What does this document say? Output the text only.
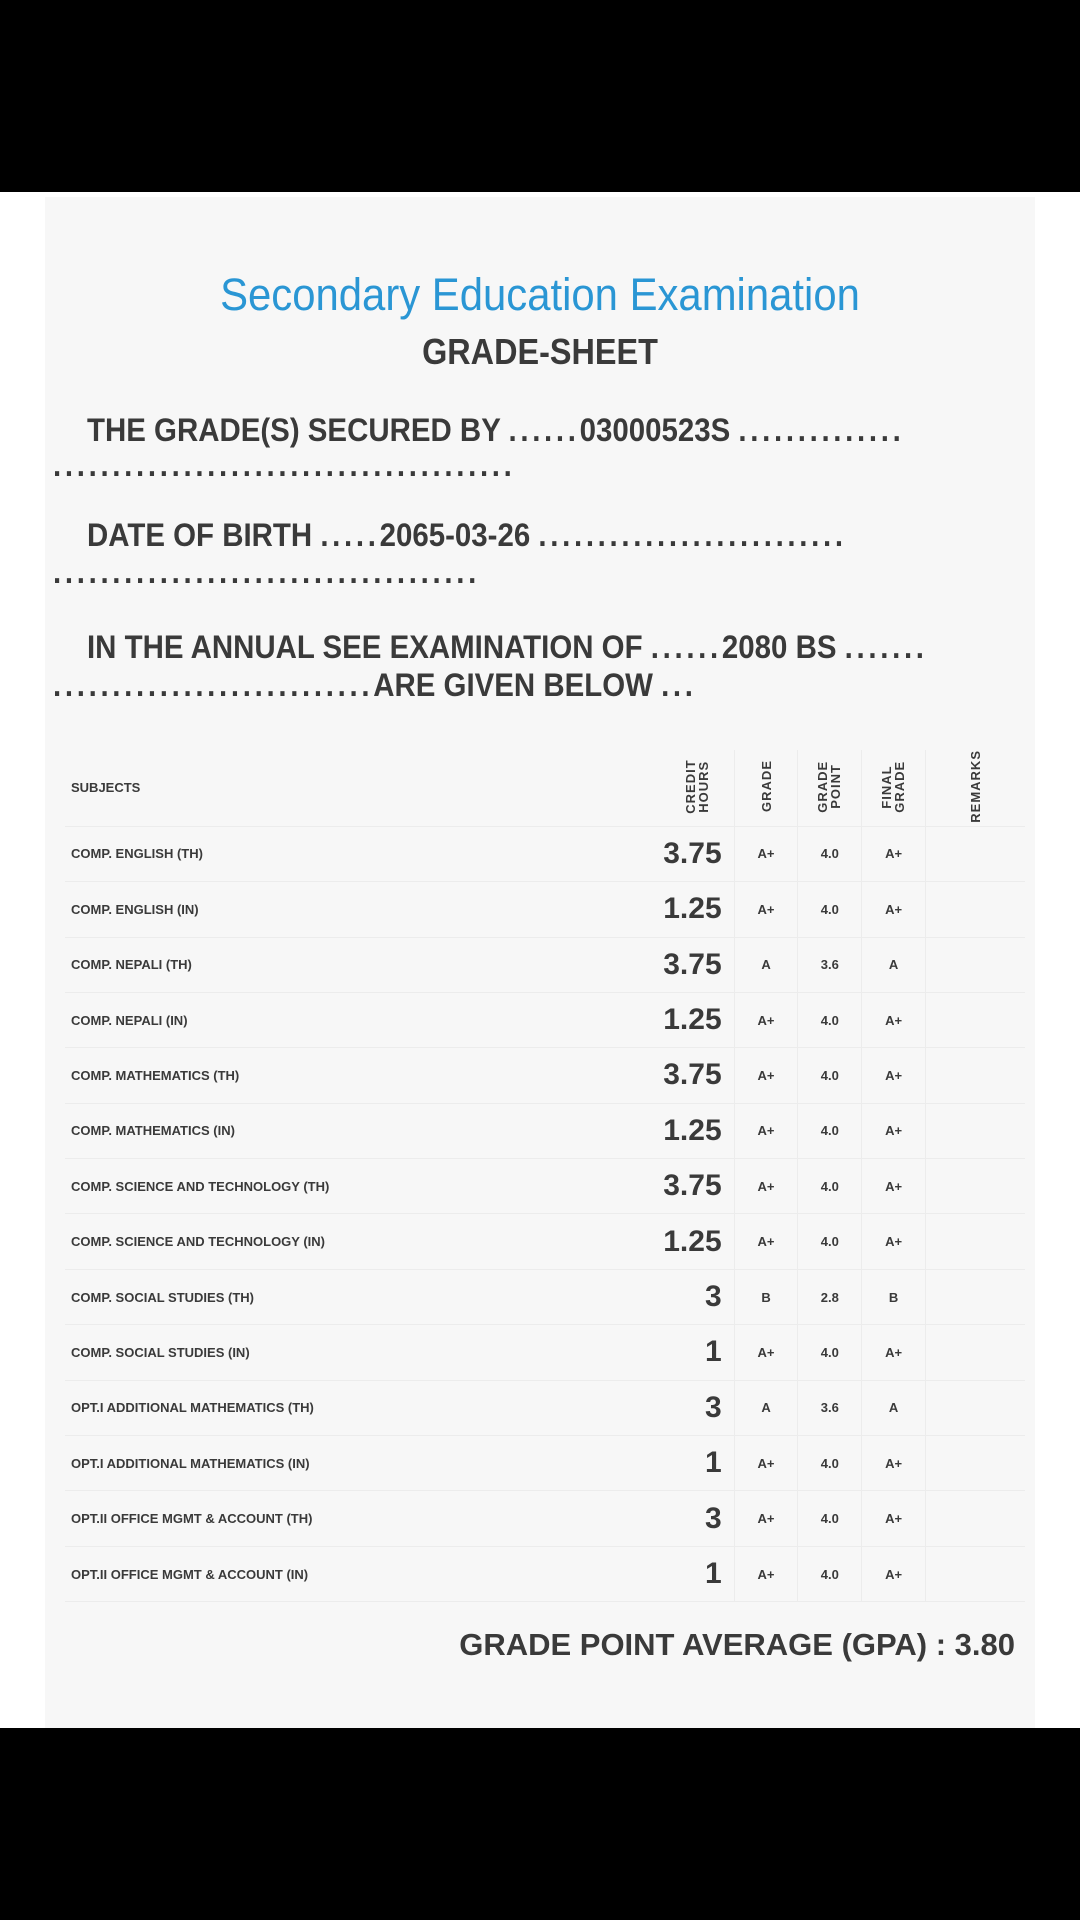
Secondary Education Examination
GRADE-SHEET
THE GRADE(S) SECURED BY ......03000523S ..............
.......................................
DATE OF BIRTH .....2065-03-26 ..........................
....................................
IN THE ANNUAL SEE EXAMINATION OF ......2080 BS .......
...........................ARE GIVEN BELOW ...
SUBJECTS	CREDIT HOURS	GRADE	GRADE POINT	FINAL GRADE	REMARKS
COMP. ENGLISH (TH)	3.75	A+	4.0	A+	
COMP. ENGLISH (IN)	1.25	A+	4.0	A+	
COMP. NEPALI (TH)	3.75	A	3.6	A	
COMP. NEPALI (IN)	1.25	A+	4.0	A+	
COMP. MATHEMATICS (TH)	3.75	A+	4.0	A+	
COMP. MATHEMATICS (IN)	1.25	A+	4.0	A+	
COMP. SCIENCE AND TECHNOLOGY (TH)	3.75	A+	4.0	A+	
COMP. SCIENCE AND TECHNOLOGY (IN)	1.25	A+	4.0	A+	
COMP. SOCIAL STUDIES (TH)	3	B	2.8	B	
COMP. SOCIAL STUDIES (IN)	1	A+	4.0	A+	
OPT.I ADDITIONAL MATHEMATICS (TH)	3	A	3.6	A	
OPT.I ADDITIONAL MATHEMATICS (IN)	1	A+	4.0	A+	
OPT.II OFFICE MGMT & ACCOUNT (TH)	3	A+	4.0	A+	
OPT.II OFFICE MGMT & ACCOUNT (IN)	1	A+	4.0	A+	
GRADE POINT AVERAGE (GPA) : 3.80
